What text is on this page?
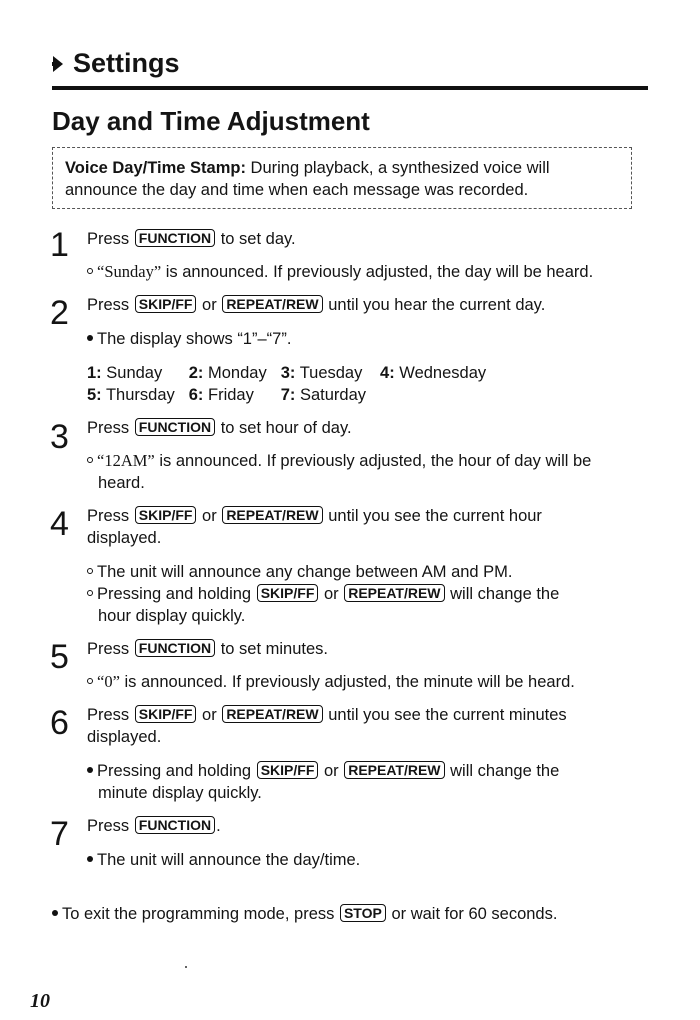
Settings
Day and Time Adjustment
Voice Day/Time Stamp: During playback, a synthesized voice will
announce the day and time when each message was recorded.
1 Press FUNCTION to set day.
“Sunday” is announced. If previously adjusted, the day will be heard.
2 Press SKIP/FF or REPEAT/REW until you hear the current day.
The display shows “1”–“7”.
1: Sunday	2: Monday	3: Tuesday	4: Wednesday
5: Thursday	6: Friday	7: Saturday	
3 Press FUNCTION to set hour of day.
“12AM” is announced. If previously adjusted, the hour of day will be
heard.
4 Press SKIP/FF or REPEAT/REW until you see the current hour
displayed.
The unit will announce any change between AM and PM.
Pressing and holding SKIP/FF or REPEAT/REW will change the
hour display quickly.
5 Press FUNCTION to set minutes.
“0” is announced. If previously adjusted, the minute will be heard.
6 Press SKIP/FF or REPEAT/REW until you see the current minutes
displayed.
Pressing and holding SKIP/FF or REPEAT/REW will change the
minute display quickly.
7 Press FUNCTION .
The unit will announce the day/time.
To exit the programming mode, press STOP or wait for 60 seconds.
10
